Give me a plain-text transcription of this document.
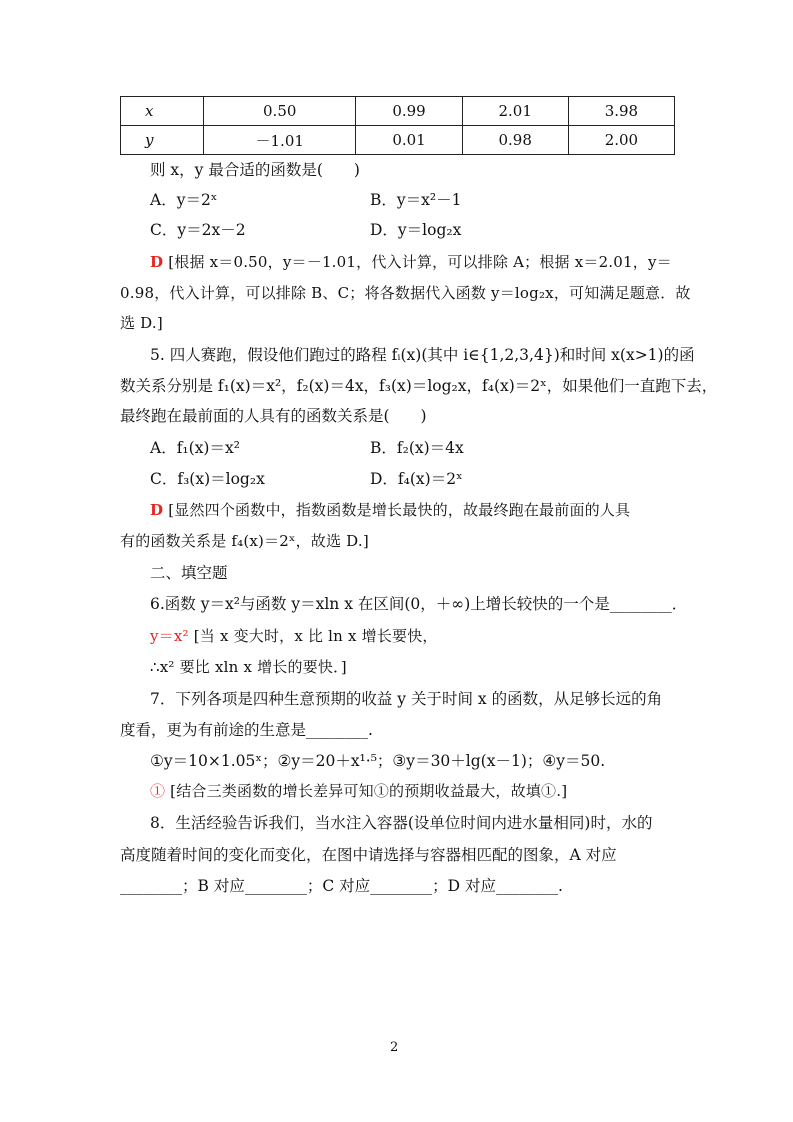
x	0.50	0.99	2.01	3.98
y	－1.01	0.01	0.98	2.00
则 x，y 最合适的函数是(　　)
A．y＝2ˣ	B．y＝x²－1
C．y＝2x－2	D．y＝log₂x
D [根据 x＝0.50，y＝－1.01，代入计算，可以排除 A；根据 x＝2.01，y＝
0.98，代入计算，可以排除 B、C；将各数据代入函数 y＝log₂x，可知满足题意．故
选 D.]
5. 四人赛跑，假设他们跑过的路程 fᵢ(x)(其中 i∈{1,2,3,4})和时间 x(x>1)的函
数关系分别是 f₁(x)＝x²，f₂(x)＝4x，f₃(x)＝log₂x，f₄(x)＝2ˣ，如果他们一直跑下去，
最终跑在最前面的人具有的函数关系是(　　)
A．f₁(x)＝x²	B．f₂(x)＝4x
C．f₃(x)＝log₂x	D．f₄(x)＝2ˣ
D [显然四个函数中，指数函数是增长最快的，故最终跑在最前面的人具
有的函数关系是 f₄(x)＝2ˣ，故选 D.]
二、填空题
6.函数 y＝x²与函数 y＝xln x 在区间(0，＋∞)上增长较快的一个是________．
y＝x² [当 x 变大时，x 比 ln x 增长要快，
∴x² 要比 xln x 增长的要快．]
7．下列各项是四种生意预期的收益 y 关于时间 x 的函数，从足够长远的角
度看，更为有前途的生意是________.
①y＝10×1.05ˣ；②y＝20＋x¹·⁵；③y＝30＋lg(x－1)；④y＝50.
① [结合三类函数的增长差异可知①的预期收益最大，故填①.]
8．生活经验告诉我们，当水注入容器(设单位时间内进水量相同)时，水的
高度随着时间的变化而变化，在图中请选择与容器相匹配的图象，A 对应
________；B 对应________；C 对应________；D 对应________.
2
